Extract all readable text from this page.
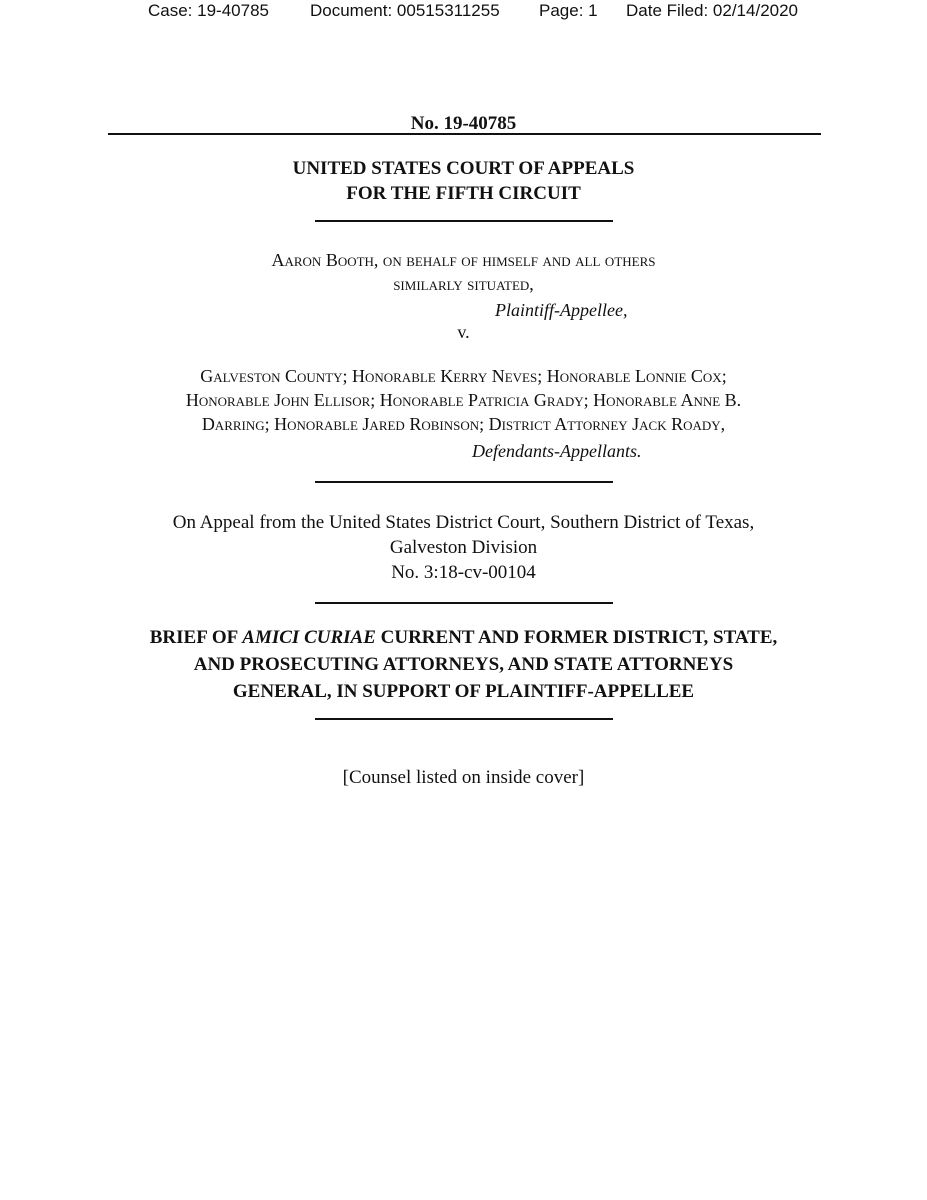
Case: 19-40785 Document: 00515311255 Page: 1 Date Filed: 02/14/2020
No. 19-40785
UNITED STATES COURT OF APPEALS
FOR THE FIFTH CIRCUIT
Aaron Booth, on behalf of himself and all others
similarly situated,
Plaintiff-Appellee,
v.
Galveston County; Honorable Kerry Neves; Honorable Lonnie Cox;
Honorable John Ellisor; Honorable Patricia Grady; Honorable Anne B.
Darring; Honorable Jared Robinson; District Attorney Jack Roady,
Defendants-Appellants.
On Appeal from the United States District Court, Southern District of Texas,
Galveston Division
No. 3:18-cv-00104
BRIEF OF AMICI CURIAE CURRENT AND FORMER DISTRICT, STATE,
AND PROSECUTING ATTORNEYS, AND STATE ATTORNEYS
GENERAL, IN SUPPORT OF PLAINTIFF-APPELLEE
[Counsel listed on inside cover]
